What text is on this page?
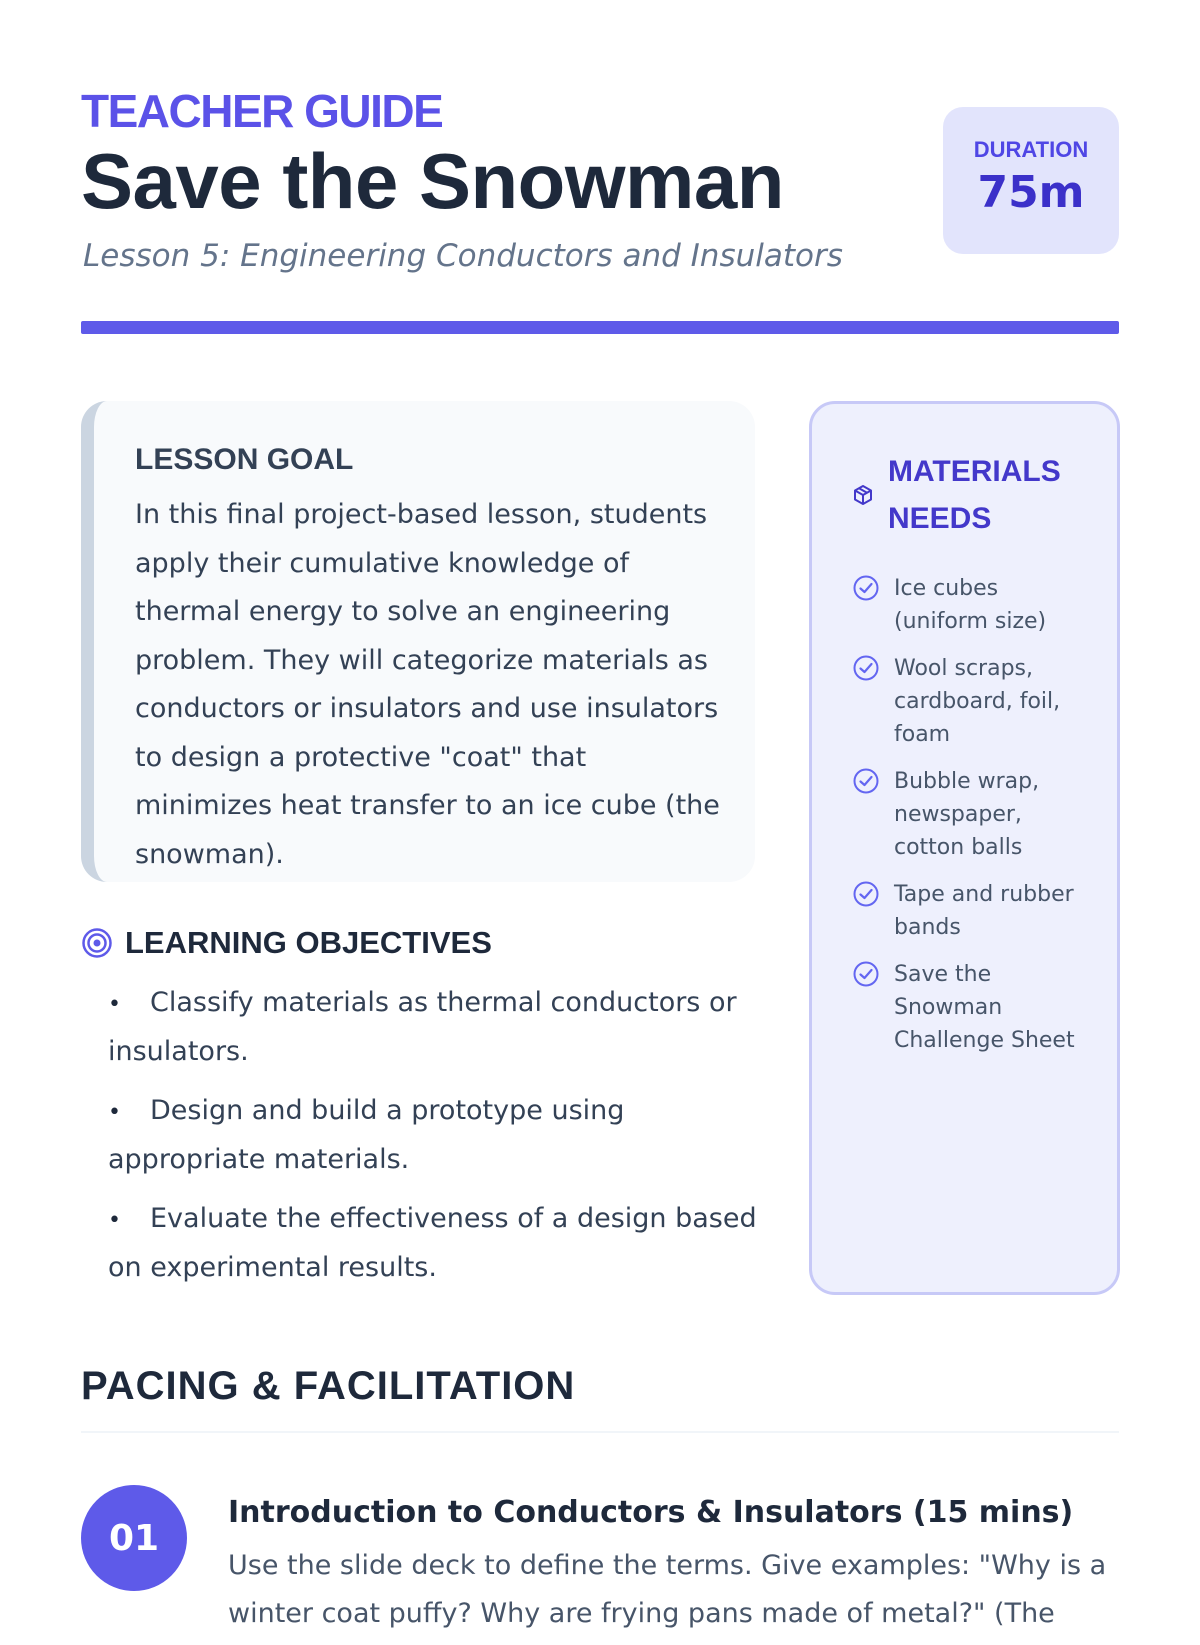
TEACHER GUIDE
Save the Snowman
Lesson 5: Engineering Conductors and Insulators
DURATION
75m
LESSON GOAL

In this final project-based lesson, students apply their cumulative knowledge of thermal energy to solve an engineering problem. They will categorize materials as conductors or insulators and use insulators to design a protective "coat" that minimizes heat transfer to an ice cube (the snowman).

LEARNING OBJECTIVES
• Classify materials as thermal conductors or insulators.
• Design and build a prototype using appropriate materials.
• Evaluate the effectiveness of a design based on experimental results.
MATERIALS NEEDS
Ice cubes (uniform size)
Wool scraps, cardboard, foil, foam
Bubble wrap, newspaper, cotton balls
Tape and rubber bands
Save the Snowman Challenge Sheet
PACING & FACILITATION
01
Introduction to Conductors & Insulators (15 mins)

Use the slide deck to define the terms. Give examples: "Why is a winter coat puffy? Why are frying pans made of metal?" (The
